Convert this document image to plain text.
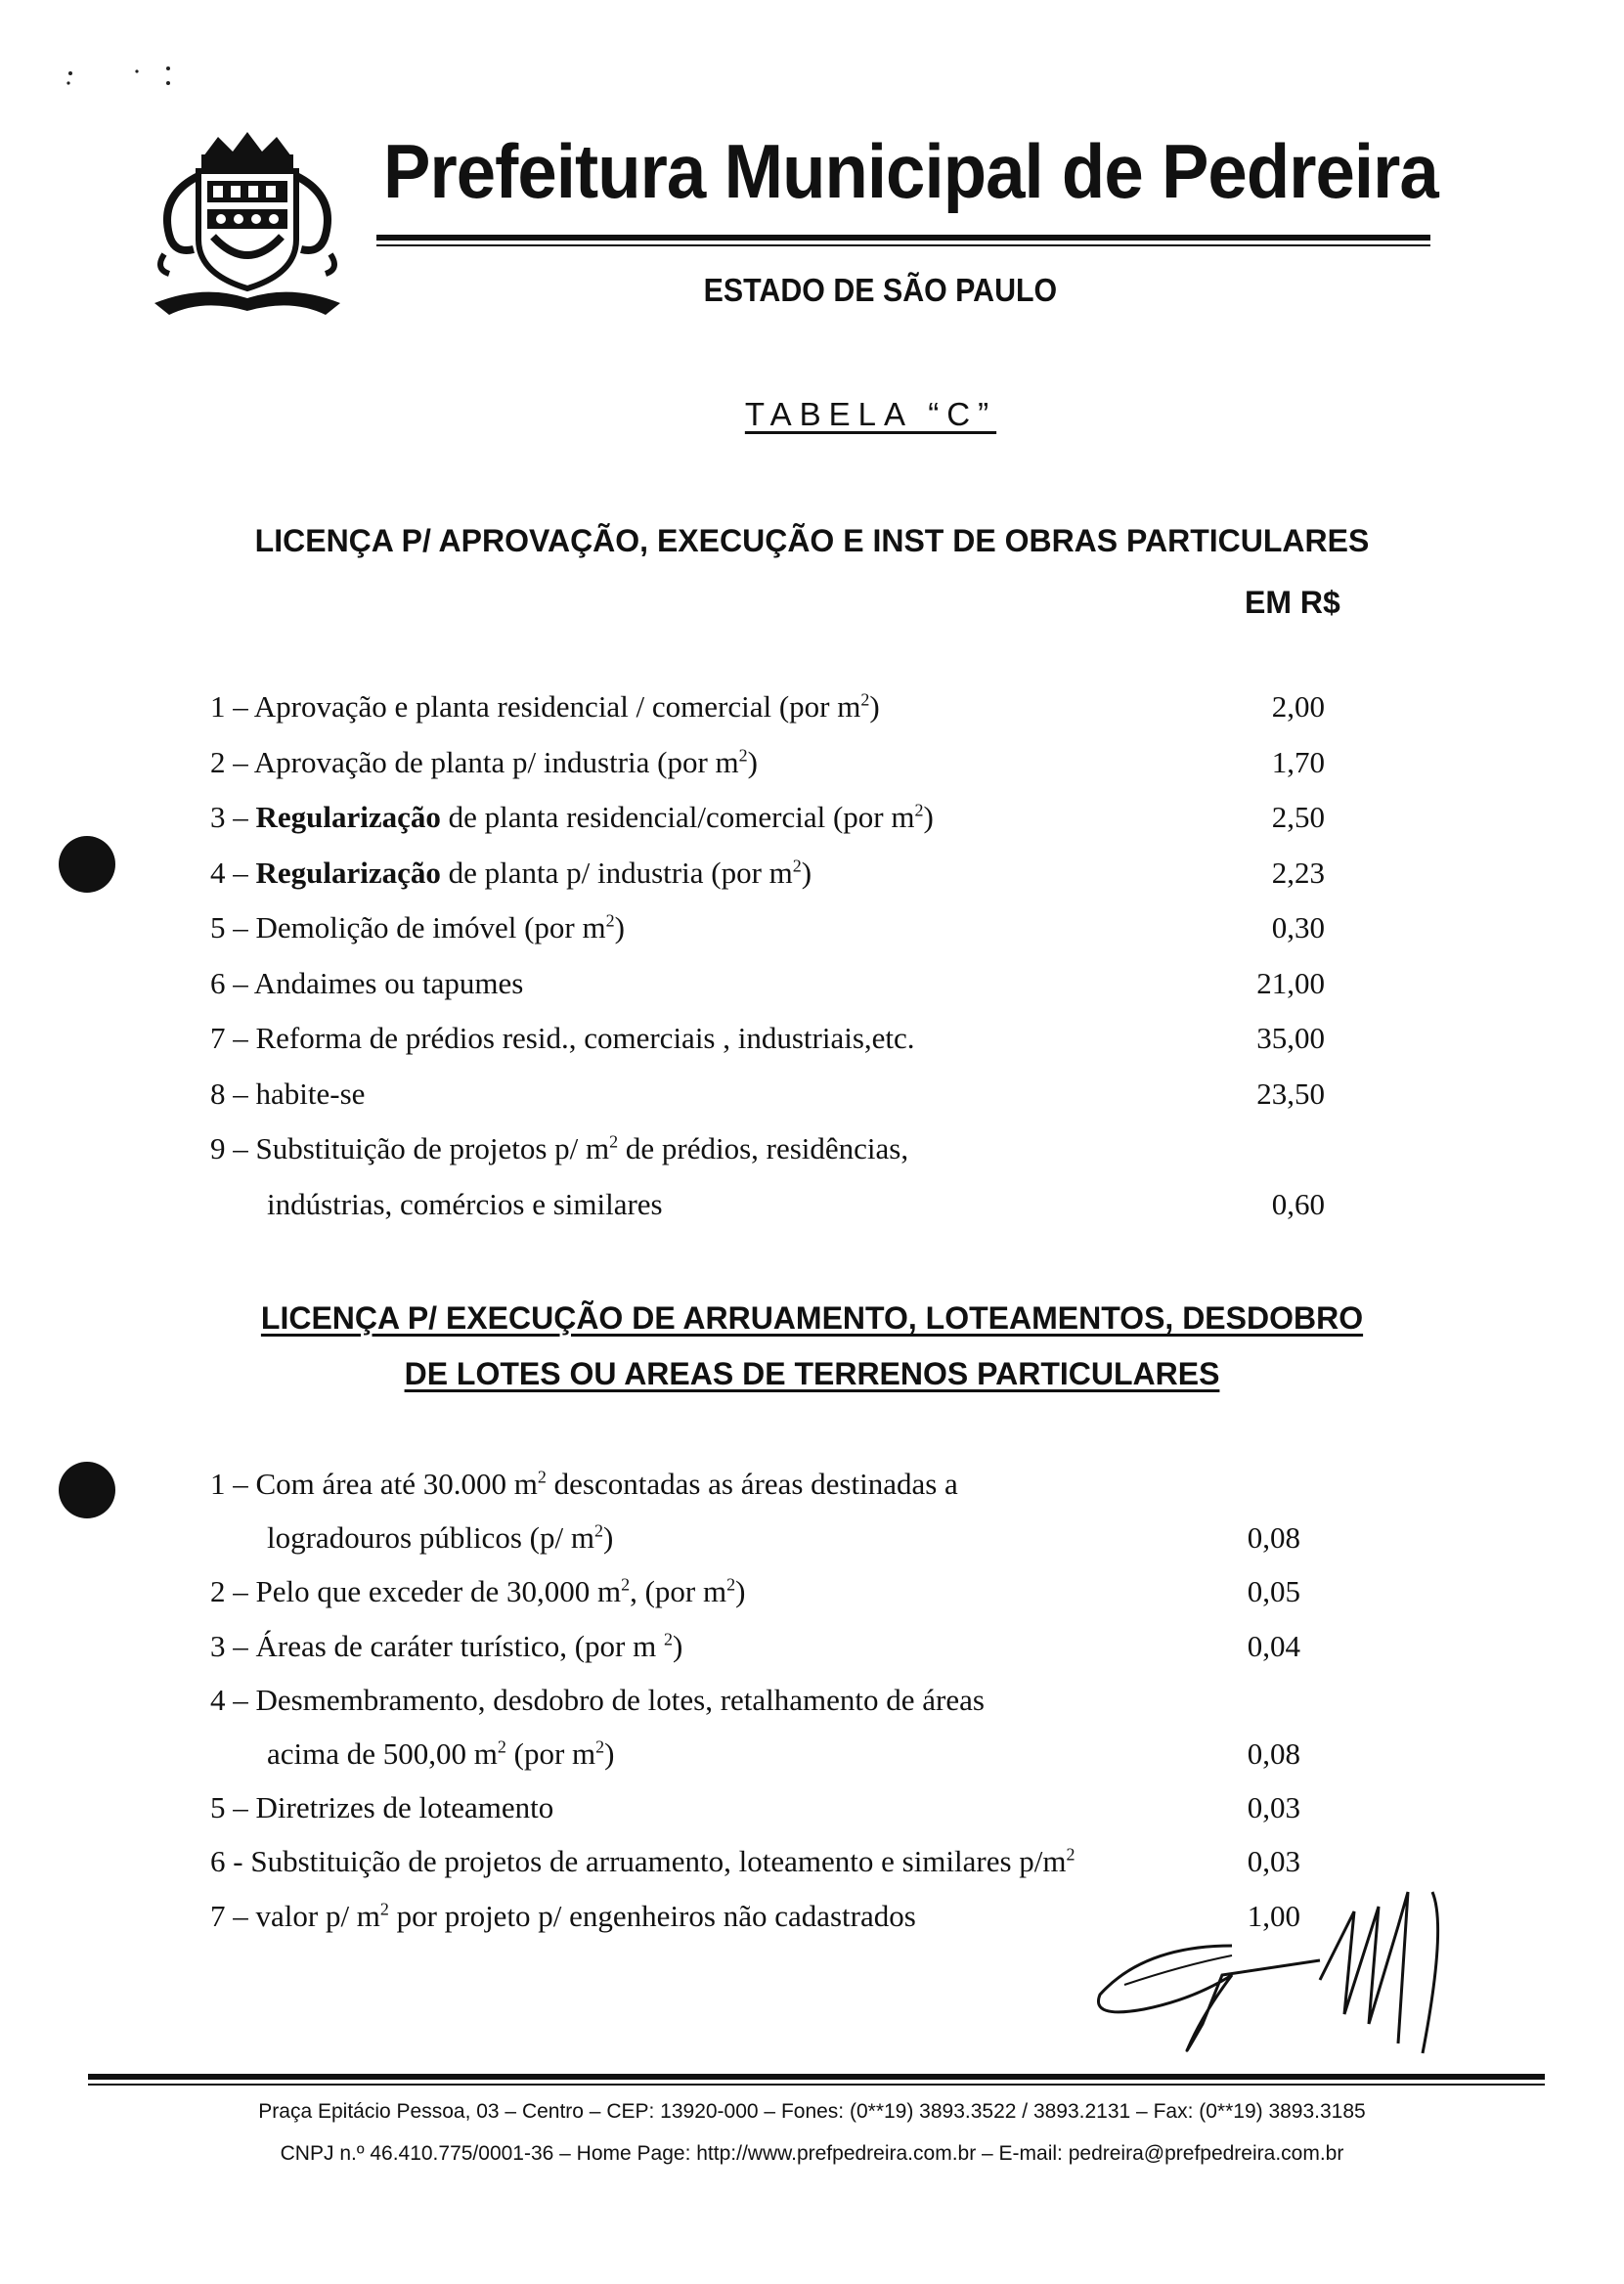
Prefeitura Municipal de Pedreira
ESTADO DE SÃO PAULO
TABELA “C”
LICENÇA P/ APROVAÇÃO, EXECUÇÃO E INST DE OBRAS PARTICULARES
EM R$
1 – Aprovação e planta residencial / comercial (por $m^2$)	2,00
2 – Aprovação de planta p/ industria (por $m^2$)	1,70
3 – Regularização de planta residencial/comercial (por $m^2$)	2,50
4 – Regularização de planta p/ industria (por $m^2$)	2,23
5 – Demolição de imóvel (por $m^2$)	0,30
6 – Andaimes ou tapumes	21,00
7 – Reforma de prédios resid., comerciais , industriais,etc.	35,00
8 – habite-se	23,50
9 – Substituição de projetos p/ $m^2$ de prédios, residências,
indústrias, comércios e similares	0,60
LICENÇA P/ EXECUÇÃO DE ARRUAMENTO, LOTEAMENTOS, DESDOBRO
DE LOTES OU AREAS DE TERRENOS PARTICULARES
1 – Com área até 30.000 $m^2$ descontadas as áreas destinadas a
logradouros públicos (p/ $m^2$)	0,08
2 – Pelo que exceder de 30,000 $m^2$, (por $m^2$)	0,05
3 – Áreas de caráter turístico, (por m $^2$)	0,04
4 – Desmembramento, desdobro de lotes, retalhamento de áreas
acima de 500,00 $m^2$ (por $m^2$)	0,08
5 – Diretrizes de loteamento	0,03
6 - Substituição de projetos de arruamento, loteamento e similares $p/m^2$	0,03
7 – valor p/ $m^2$ por projeto p/ engenheiros não cadastrados	1,00
Praça Epitácio Pessoa, 03 – Centro – CEP: 13920-000 – Fones: (0**19) 3893.3522 / 3893.2131 – Fax: (0**19) 3893.3185
CNPJ n.º 46.410.775/0001-36 – Home Page: http://www.prefpedreira.com.br – E-mail: pedreira@prefpedreira.com.br
